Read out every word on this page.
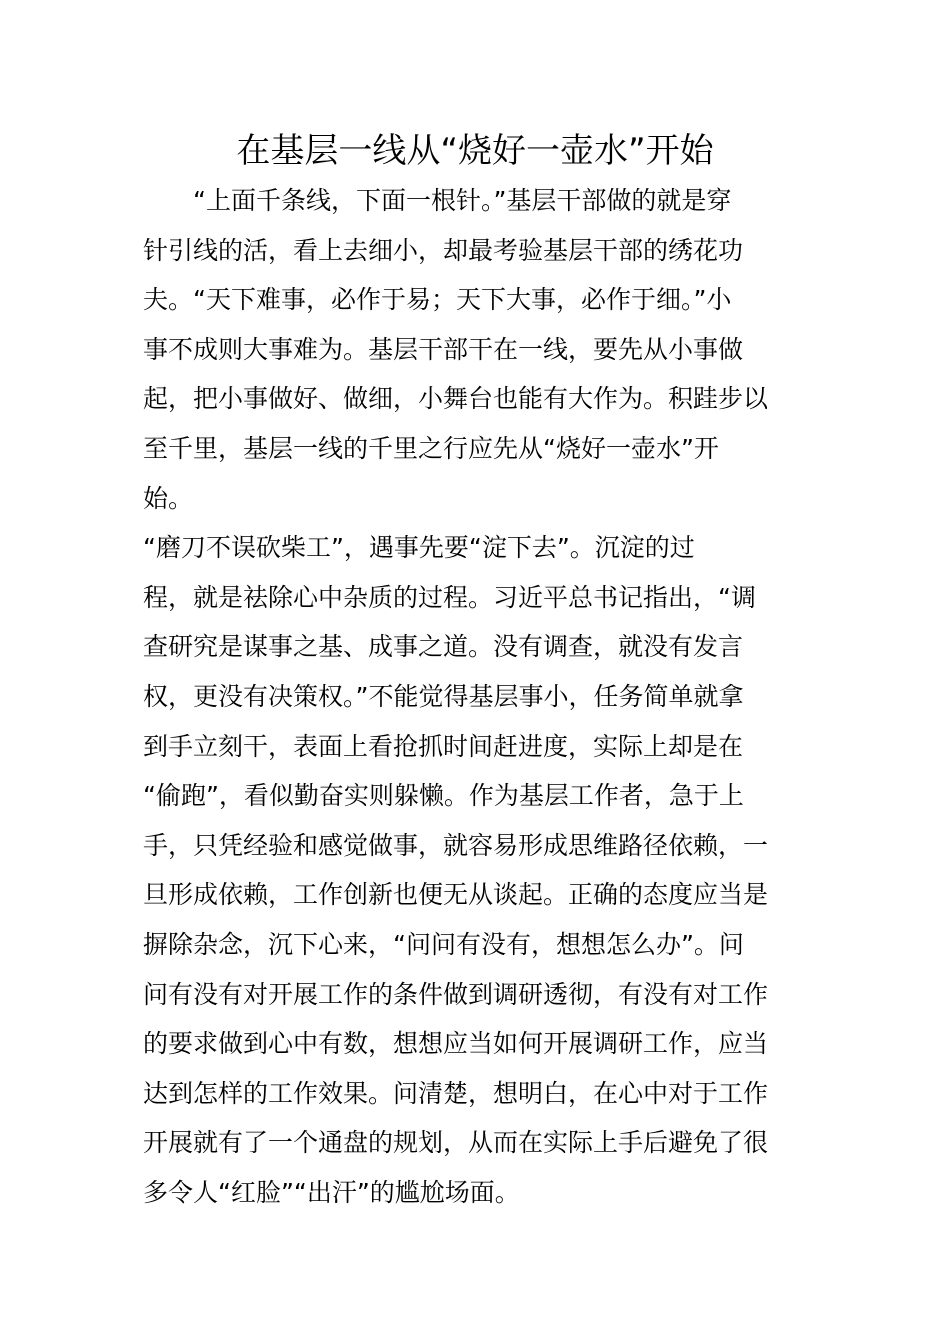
在基层一线从“烧好一壶水”开始
　　“上面千条线，下面一根针。”基层干部做的就是穿
针引线的活，看上去细小，却最考验基层干部的绣花功
夫。“天下难事，必作于易；天下大事，必作于细。”小
事不成则大事难为。基层干部干在一线，要先从小事做
起，把小事做好、做细，小舞台也能有大作为。积跬步以
至千里，基层一线的千里之行应先从“烧好一壶水”开
始。
“磨刀不误砍柴工”，遇事先要“淀下去”。沉淀的过
程，就是祛除心中杂质的过程。习近平总书记指出，“调
查研究是谋事之基、成事之道。没有调查，就没有发言
权，更没有决策权。”不能觉得基层事小，任务简单就拿
到手立刻干，表面上看抢抓时间赶进度，实际上却是在
“偷跑”，看似勤奋实则躲懒。作为基层工作者，急于上
手，只凭经验和感觉做事，就容易形成思维路径依赖，一
旦形成依赖，工作创新也便无从谈起。正确的态度应当是
摒除杂念，沉下心来，“问问有没有，想想怎么办”。问
问有没有对开展工作的条件做到调研透彻，有没有对工作
的要求做到心中有数，想想应当如何开展调研工作，应当
达到怎样的工作效果。问清楚，想明白，在心中对于工作
开展就有了一个通盘的规划，从而在实际上手后避免了很
多令人“红脸”“出汗”的尴尬场面。
